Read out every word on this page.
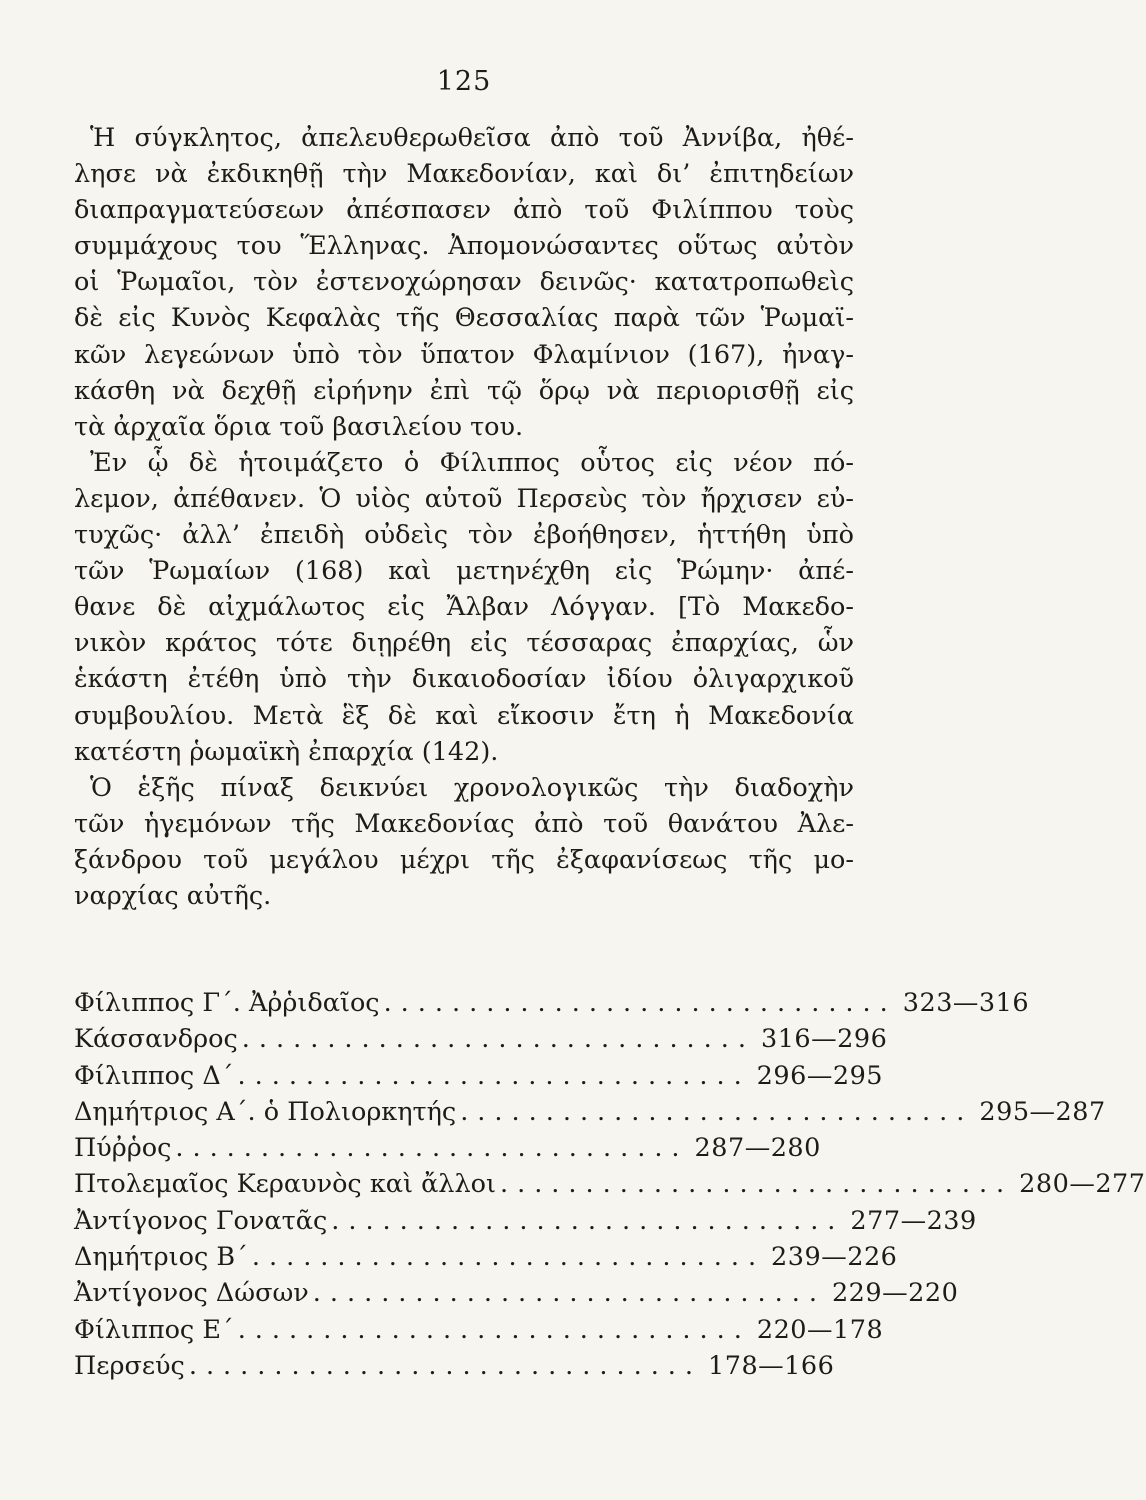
125
Ἡ σύγκλητος, ἀπελευθερωθεῖσα ἀπὸ τοῦ Ἀννίβα, ἠθέ-
λησε νὰ ἐκδικηθῇ τὴν Μακεδονίαν, καὶ δι’ ἐπιτηδείων
διαπραγματεύσεων ἀπέσπασεν ἀπὸ τοῦ Φιλίππου τοὺς
συμμάχους του Ἕλληνας. Ἀπομονώσαντες οὕτως αὐτὸν
οἱ Ῥωμαῖοι, τὸν ἐστενοχώρησαν δεινῶς· κατατροπωθεὶς
δὲ εἰς Κυνὸς Κεφαλὰς τῆς Θεσσαλίας παρὰ τῶν Ῥωμαϊ-
κῶν λεγεώνων ὑπὸ τὸν ὕπατον Φλαμίνιον (167), ἠναγ-
κάσθη νὰ δεχθῇ εἰρήνην ἐπὶ τῷ ὅρῳ νὰ περιορισθῇ εἰς
τὰ ἀρχαῖα ὅρια τοῦ βασιλείου του.
Ἐν ᾧ δὲ ἡτοιμάζετο ὁ Φίλιππος οὗτος εἰς νέον πό-
λεμον, ἀπέθανεν. Ὁ υἱὸς αὐτοῦ Περσεὺς τὸν ἤρχισεν εὐ-
τυχῶς· ἀλλ’ ἐπειδὴ οὐδεὶς τὸν ἐβοήθησεν, ἡττήθη ὑπὸ
τῶν Ῥωμαίων (168) καὶ μετηνέχθη εἰς Ῥώμην· ἀπέ-
θανε δὲ αἰχμάλωτος εἰς Ἄλβαν Λόγγαν. [Τὸ Μακεδο-
νικὸν κράτος τότε διῃρέθη εἰς τέσσαρας ἐπαρχίας, ὧν
ἑκάστη ἐτέθη ὑπὸ τὴν δικαιοδοσίαν ἰδίου ὀλιγαρχικοῦ
συμβουλίου. Μετὰ ἓξ δὲ καὶ εἴκοσιν ἔτη ἡ Μακεδονία
κατέστη ῥωμαϊκὴ ἐπαρχία (142).
Ὁ ἑξῆς πίναξ δεικνύει χρονολογικῶς τὴν διαδοχὴν
τῶν ἡγεμόνων τῆς Μακεδονίας ἀπὸ τοῦ θανάτου Ἀλε-
ξάνδρου τοῦ μεγάλου μέχρι τῆς ἐξαφανίσεως τῆς μο-
ναρχίας αὐτῆς.
Φίλιππος Γ΄. Ἀῤῥιδαῖος .............................. 323—316
Κάσσανδρος .............................. 316—296
Φίλιππος Δ΄ .............................. 296—295
Δημήτριος Α΄. ὁ Πολιορκητής .............................. 295—287
Πύῤῥος .............................. 287—280
Πτολεμαῖος Κεραυνὸς καὶ ἄλλοι .............................. 280—277
Ἀντίγονος Γονατᾶς .............................. 277—239
Δημήτριος Β΄ .............................. 239—226
Ἀντίγονος Δώσων .............................. 229—220
Φίλιππος Ε΄ .............................. 220—178
Περσεύς .............................. 178—166
